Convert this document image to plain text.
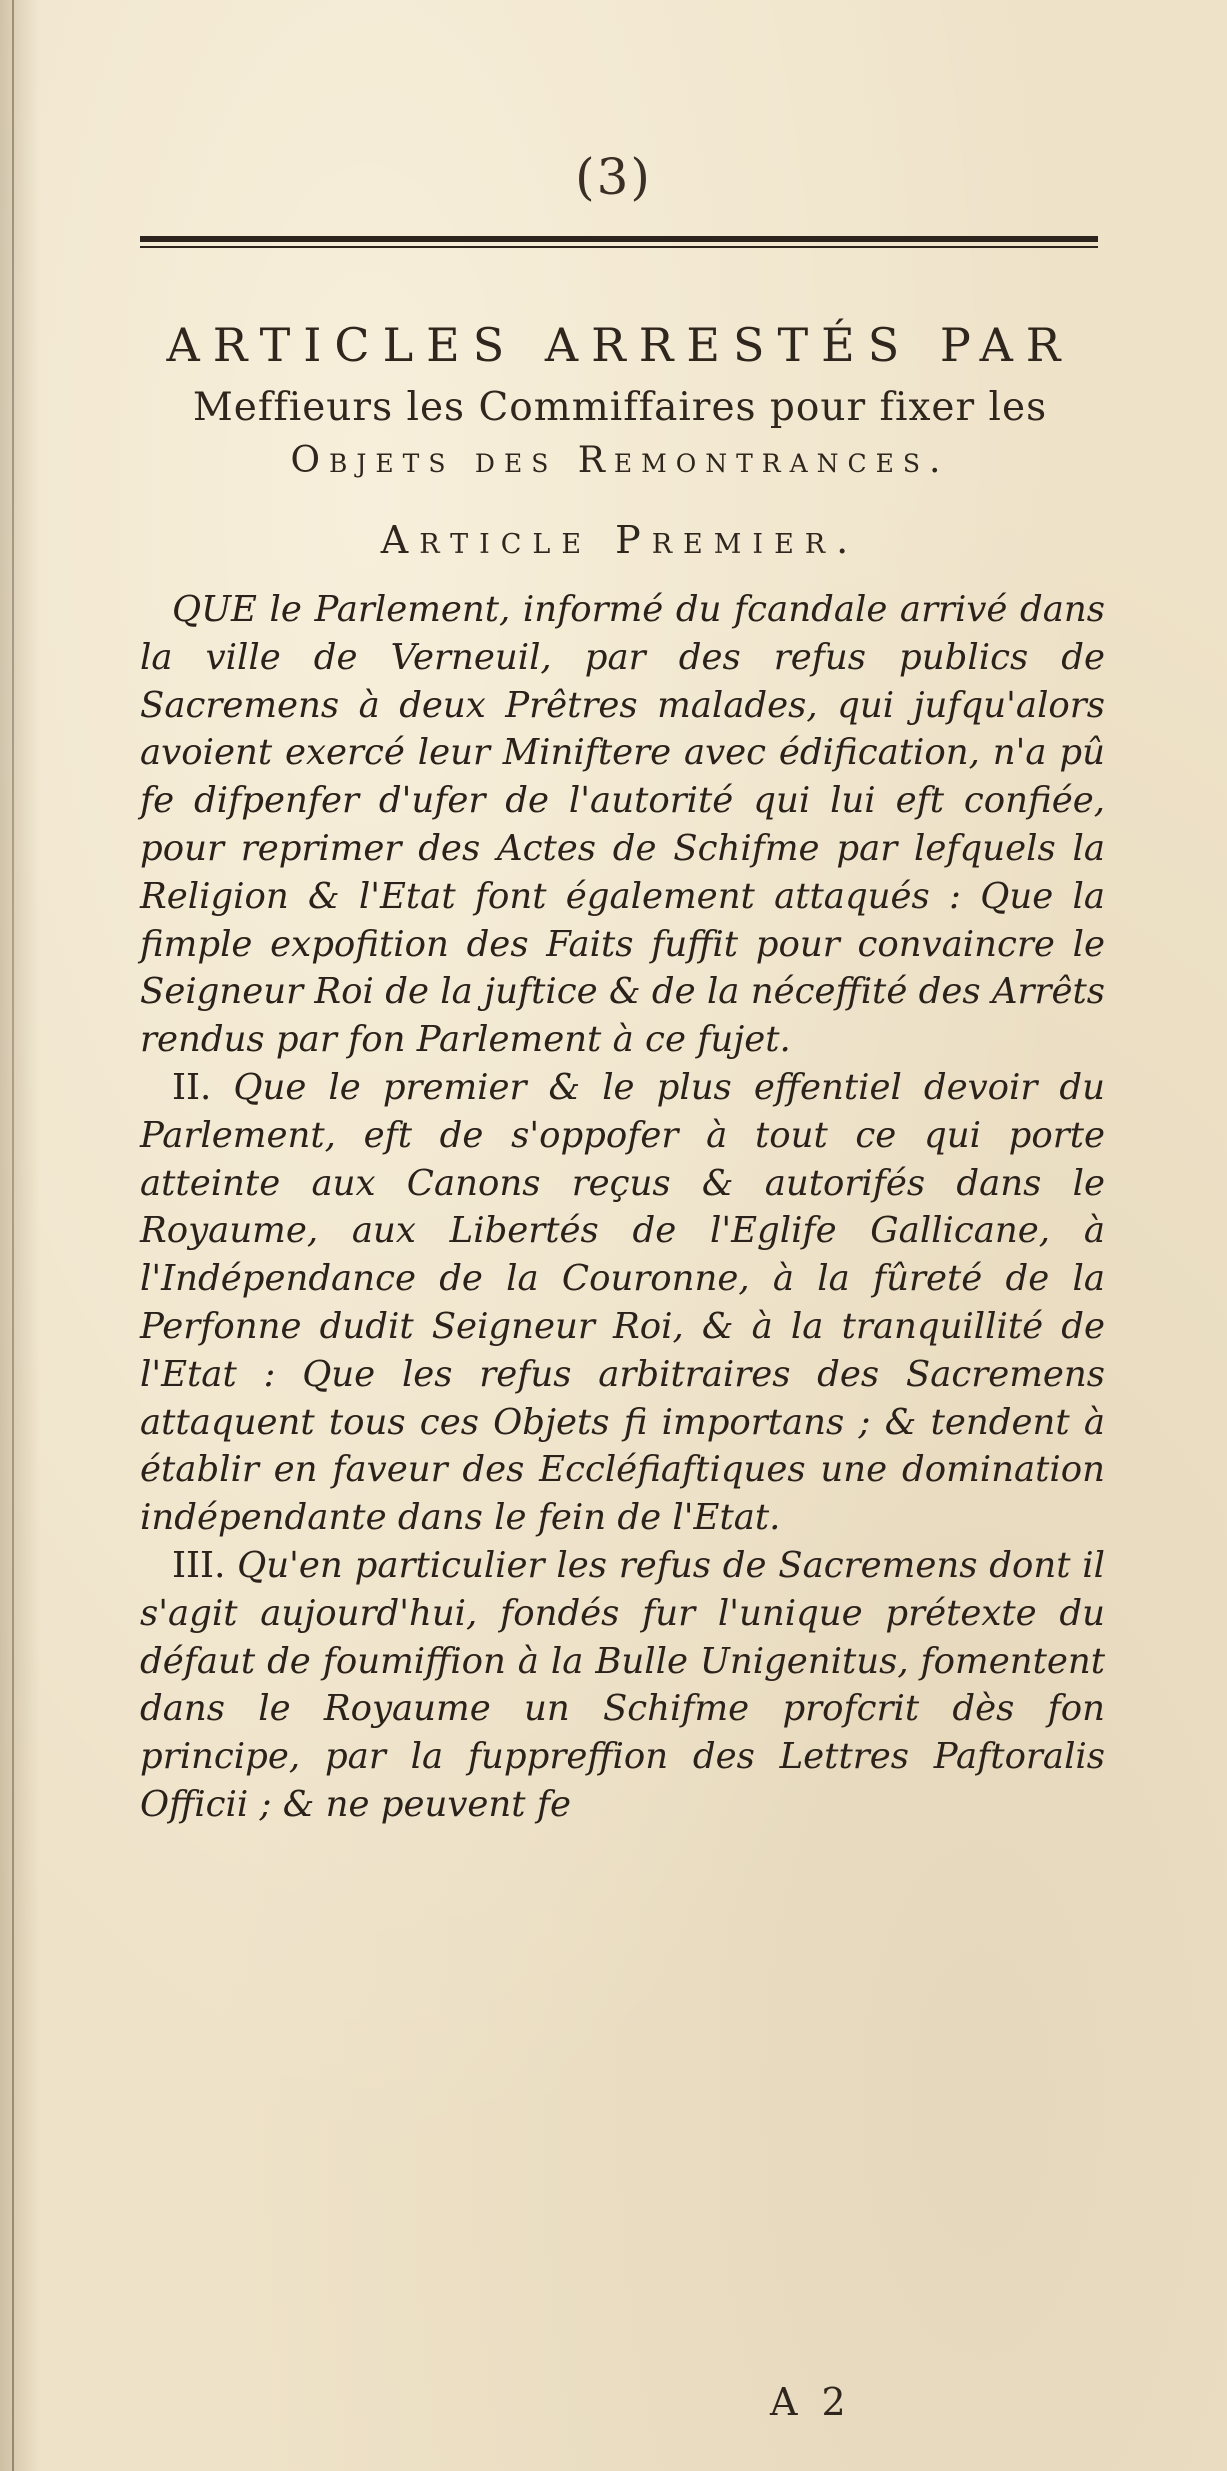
(3)
ARTICLES ARRESTÉS PAR
Meffieurs les Commiffaires pour fixer les
Objets des Remontrances.
Article Premier.

QUE le Parlement, informé du fcandale arrivé dans la ville de Verneuil, par des refus publics de Sacremens à deux Prêtres malades, qui jufqu'alors avoient exercé leur Miniftere avec édification, n'a pû fe difpenfer d'ufer de l'autorité qui lui eft confiée, pour reprimer des Actes de Schifme par lefquels la Religion & l'Etat font également attaqués : Que la fimple expofition des Faits fuffit pour convaincre le Seigneur Roi de la juftice & de la néceffité des Arrêts rendus par fon Parlement à ce fujet.

II. Que le premier & le plus effentiel devoir du Parlement, eft de s'oppofer à tout ce qui porte atteinte aux Canons reçus & autorifés dans le Royaume, aux Libertés de l'Eglife Gallicane, à l'Indépendance de la Couronne, à la fûreté de la Perfonne dudit Seigneur Roi, & à la tranquillité de l'Etat : Que les refus arbitraires des Sacremens attaquent tous ces Objets fi importans ; & tendent à établir en faveur des Eccléfiaftiques une domination indépendante dans le fein de l'Etat.

III. Qu'en particulier les refus de Sacremens dont il s'agit aujourd'hui, fondés fur l'unique prétexte du défaut de foumiffion à la Bulle Unigenitus, fomentent dans le Royaume un Schifme profcrit dès fon principe, par la fuppreffion des Lettres Paftoralis Officii ; & ne peuvent fe

A 2
